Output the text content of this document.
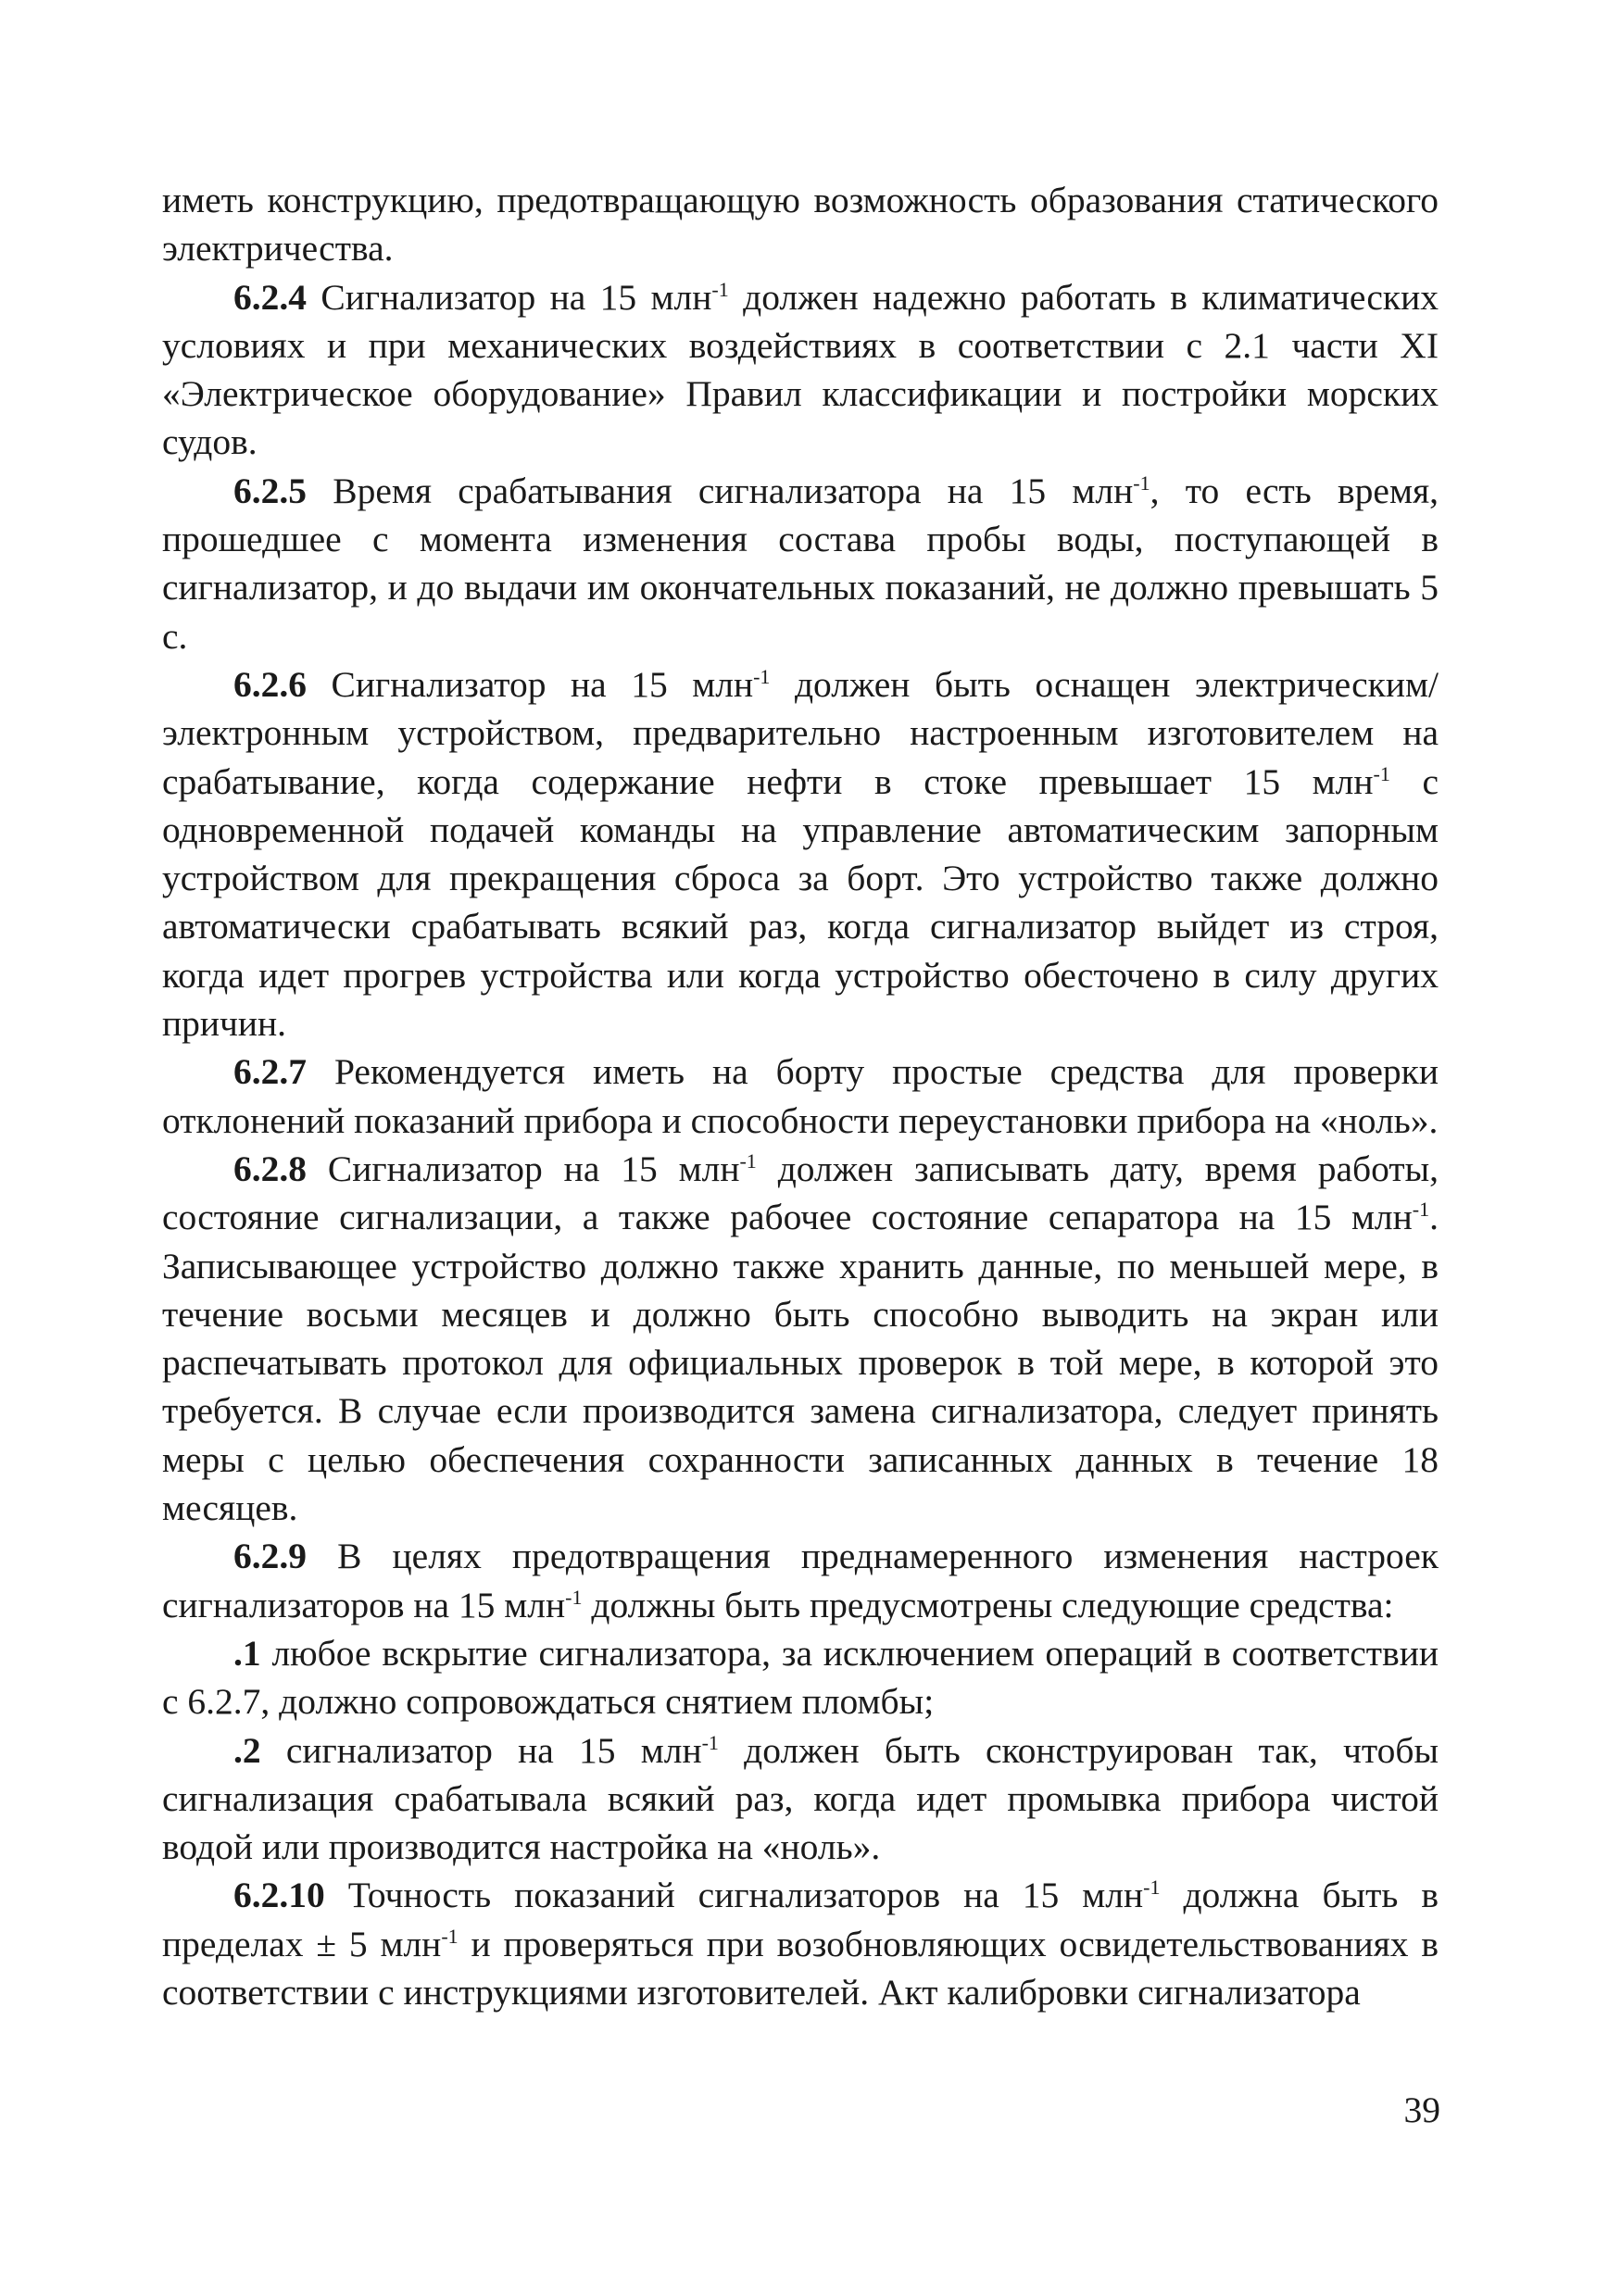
иметь конструкцию, предотвращающую возможность образования статического электричества.

6.2.4 Сигнализатор на 15 млн$^{-1}$ должен надежно работать в климатических условиях и при механических воздействиях в соответствии с 2.1 части XI «Электрическое оборудование» Правил классификации и постройки морских судов.

6.2.5 Время срабатывания сигнализатора на 15 млн$^{-1}$, то есть время, прошедшее с момента изменения состава пробы воды, поступающей в сигнализатор, и до выдачи им окончательных показаний, не должно превышать 5 с.

6.2.6 Сигнализатор на 15 млн$^{-1}$ должен быть оснащен электрическим/электронным устройством, предварительно настроенным изготовителем на срабатывание, когда содержание нефти в стоке превышает 15 млн$^{-1}$ с одновременной подачей команды на управление автоматическим запорным устройством для прекращения сброса за борт. Это устройство также должно автоматически срабатывать всякий раз, когда сигнализатор выйдет из строя, когда идет прогрев устройства или когда устройство обесточено в силу других причин.

6.2.7 Рекомендуется иметь на борту простые средства для проверки отклонений показаний прибора и способности переустановки прибора на «ноль».

6.2.8 Сигнализатор на 15 млн$^{-1}$ должен записывать дату, время работы, состояние сигнализации, а также рабочее состояние сепаратора на 15 млн$^{-1}$. Записывающее устройство должно также хранить данные, по меньшей мере, в течение восьми месяцев и должно быть способно выводить на экран или распечатывать протокол для официальных проверок в той мере, в которой это требуется. В случае если производится замена сигнализатора, следует принять меры с целью обеспечения сохранности записанных данных в течение 18 месяцев.

6.2.9 В целях предотвращения преднамеренного изменения настроек сигнализаторов на 15 млн$^{-1}$ должны быть предусмотрены следующие средства:

.1 любое вскрытие сигнализатора, за исключением операций в соответствии с 6.2.7, должно сопровождаться снятием пломбы;

.2 сигнализатор на 15 млн$^{-1}$ должен быть сконструирован так, чтобы сигнализация срабатывала всякий раз, когда идет промывка прибора чистой водой или производится настройка на «ноль».

6.2.10 Точность показаний сигнализаторов на 15 млн$^{-1}$ должна быть в пределах ± 5 млн$^{-1}$ и проверяться при возобновляющих освидетельствованиях в соответствии с инструкциями изготовителей. Акт калибровки сигнализатора

39
